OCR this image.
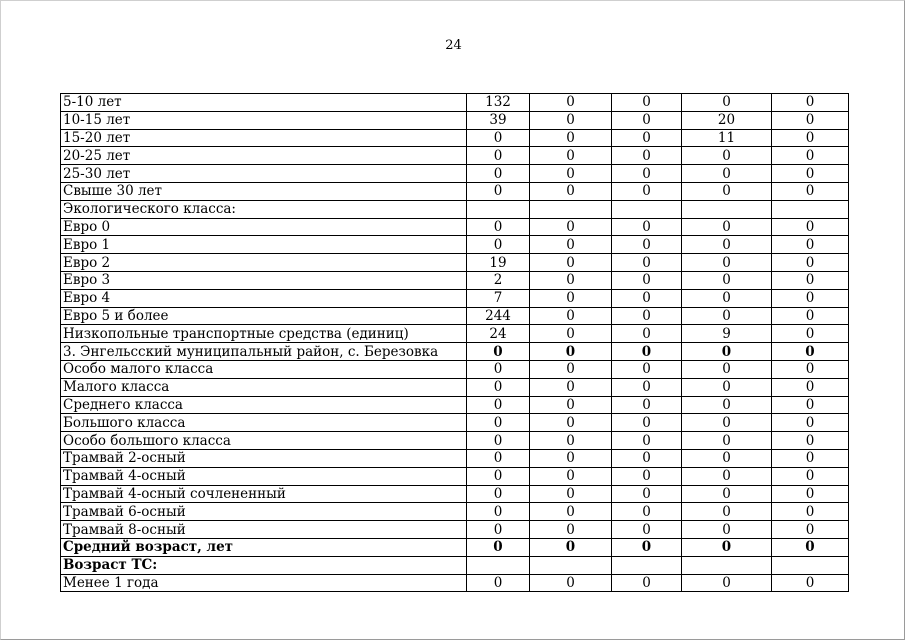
24
5-10 лет	132	0	0	0	0
10-15 лет	39	0	0	20	0
15-20 лет	0	0	0	11	0
20-25 лет	0	0	0	0	0
25-30 лет	0	0	0	0	0
Свыше 30 лет	0	0	0	0	0
Экологического класса:					
Евро 0	0	0	0	0	0
Евро 1	0	0	0	0	0
Евро 2	19	0	0	0	0
Евро 3	2	0	0	0	0
Евро 4	7	0	0	0	0
Евро 5 и более	244	0	0	0	0
Низкопольные транспортные средства (единиц)	24	0	0	9	0
3. Энгельсский муниципальный район, с. Березовка	0	0	0	0	0
Особо малого класса	0	0	0	0	0
Малого класса	0	0	0	0	0
Среднего класса	0	0	0	0	0
Большого класса	0	0	0	0	0
Особо большого класса	0	0	0	0	0
Трамвай 2-осный	0	0	0	0	0
Трамвай 4-осный	0	0	0	0	0
Трамвай 4-осный сочлененный	0	0	0	0	0
Трамвай 6-осный	0	0	0	0	0
Трамвай 8-осный	0	0	0	0	0
Средний возраст, лет	0	0	0	0	0
Возраст ТС:					
Менее 1 года	0	0	0	0	0
